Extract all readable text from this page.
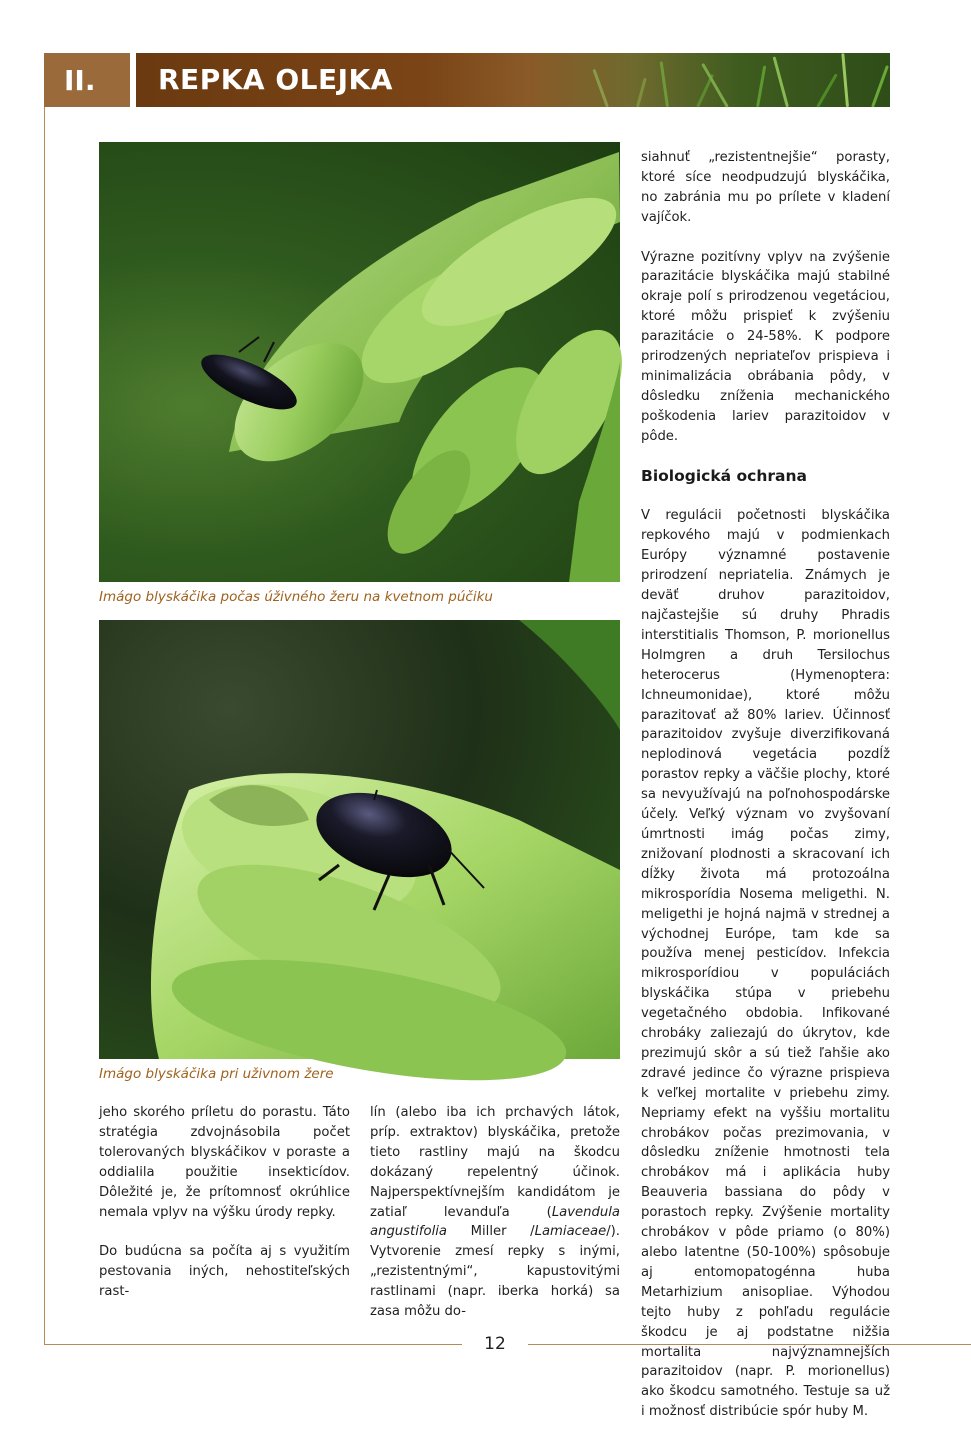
II.	REPKA OLEJKA
12
Imágo blyskáčika počas úživného žeru na kvetnom púčiku
Imágo blyskáčika pri uživnom žere

jeho skorého príletu do porastu. Táto stratégia zdvojnásobila počet tolerovaných blyskáčikov v poraste a oddialila použitie insekticídov. Dôležité je, že prítomnosť okrúhlice nemala vplyv na výšku úrody repky.

Do budúcna sa počíta aj s využitím pestovania iných, nehostiteľských rast-

lín (alebo iba ich prchavých látok, príp. extraktov) blyskáčika, pretože tieto rastliny majú na škodcu dokázaný repelentný účinok. Najperspektívnejším kandidátom je zatiaľ levanduľa (Lavendula angustifolia Miller /Lamiaceae/). Vytvorenie zmesí repky s inými, „rezistentnými“, kapustovitými rastlinami (napr. iberka horká) sa zasa môžu do-

siahnuť „rezistentnejšie“ porasty, ktoré síce neodpudzujú blyskáčika, no zabránia mu po prílete v kladení vajíčok.

Výrazne pozitívny vplyv na zvýšenie parazitácie blyskáčika majú stabilné okraje polí s prirodzenou vegetáciou, ktoré môžu prispieť k zvýšeniu parazitácie o 24-58%. K podpore prirodzených nepriateľov prispieva i minimalizácia obrábania pôdy, v dôsledku zníženia mechanického poškodenia lariev parazitoidov v pôde.

Biologická ochrana

V regulácii početnosti blyskáčika repkového majú v podmienkach Európy významné postavenie prirodzení nepriatelia. Známych je deväť druhov parazitoidov, najčastejšie sú druhy Phradis interstitialis Thomson, P. morionellus Holmgren a druh Tersilochus heterocerus (Hymenoptera: Ichneumonidae), ktoré môžu parazitovať až 80% lariev. Účinnosť parazitoidov zvyšuje diverzifikovaná neplodinová vegetácia pozdĺž porastov repky a väčšie plochy, ktoré sa nevyužívajú na poľnohospodárske účely. Veľký význam vo zvyšovaní úmrtnosti imág počas zimy, znižovaní plodnosti a skracovaní ich dĺžky života má protozoálna mikrosporídia Nosema meligethi. N. meligethi je hojná najmä v strednej a východnej Európe, tam kde sa používa menej pesticídov. Infekcia mikrosporídiou v populáciách blyskáčika stúpa v priebehu vegetačného obdobia. Infikované chrobáky zaliezajú do úkrytov, kde prezimujú skôr a sú tiež ľahšie ako zdravé jedince čo výrazne prispieva k veľkej mortalite v priebehu zimy. Nepriamy efekt na vyššiu mortalitu chrobákov počas prezimovania, v dôsledku zníženie hmotnosti tela chrobákov má i aplikácia huby Beauveria bassiana do pôdy v porastoch repky. Zvýšenie mortality chrobákov v pôde priamo (o 80%) alebo latentne (50-100%) spôsobuje aj entomopatogénna huba Metarhizium anisopliae. Výhodou tejto huby z pohľadu regulácie škodcu je aj podstatne nižšia mortalita najvýznamnejších parazitoidov (napr. P. morionellus) ako škodcu samotného. Testuje sa už i možnosť distribúcie spór huby M.
